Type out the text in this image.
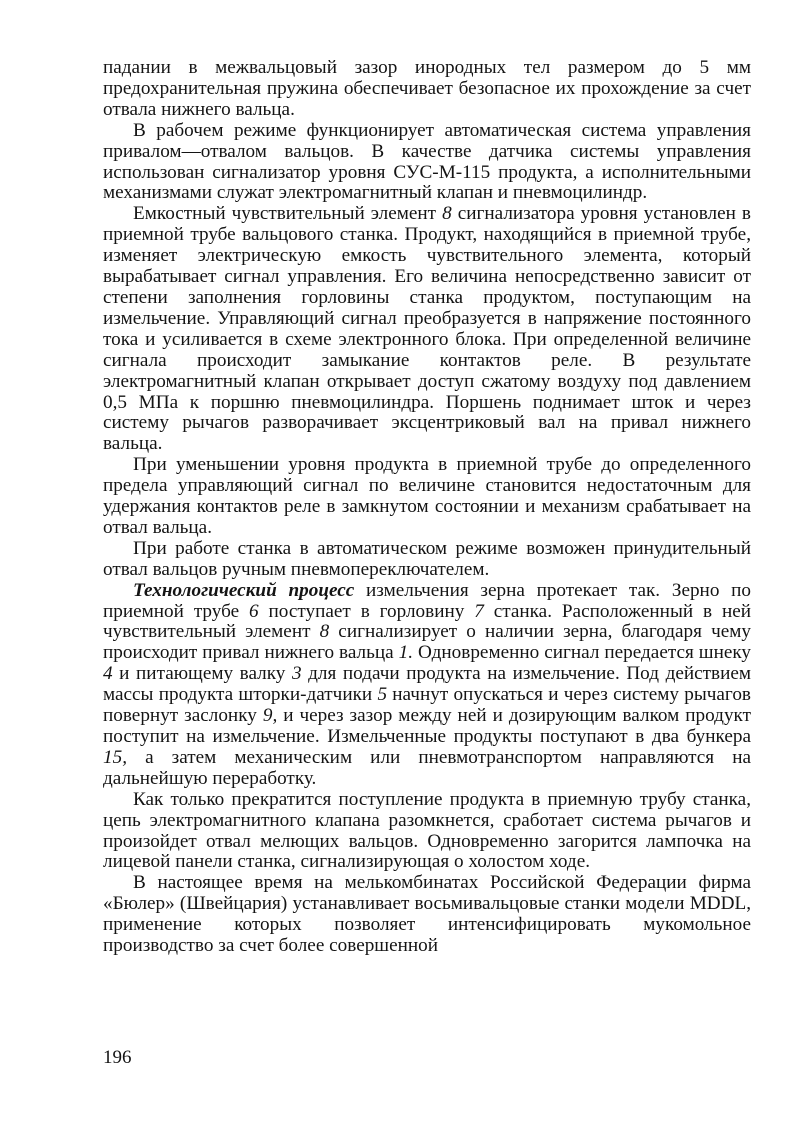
падании в межвальцовый зазор инородных тел размером до 5 мм предохранительная пружина обеспечивает безопасное их прохождение за счет отвала нижнего вальца.

В рабочем режиме функционирует автоматическая система управления привалом—отвалом вальцов. В качестве датчика системы управления использован сигнализатор уровня СУС-М-115 продукта, а исполнительными механизмами служат электромагнитный клапан и пневмоцилиндр.

Емкостный чувствительный элемент 8 сигнализатора уровня установлен в приемной трубе вальцового станка. Продукт, находящийся в приемной трубе, изменяет электрическую емкость чувствительного элемента, который вырабатывает сигнал управления. Его величина непосредственно зависит от степени заполнения горловины станка продуктом, поступающим на измельчение. Управляющий сигнал преобразуется в напряжение постоянного тока и усиливается в схеме электронного блока. При определенной величине сигнала происходит замыкание контактов реле. В результате электромагнитный клапан открывает доступ сжатому воздуху под давлением 0,5 МПа к поршню пневмоцилиндра. Поршень поднимает шток и через систему рычагов разворачивает эксцентриковый вал на привал нижнего вальца.

При уменьшении уровня продукта в приемной трубе до определенного предела управляющий сигнал по величине становится недостаточным для удержания контактов реле в замкнутом состоянии и механизм срабатывает на отвал вальца.

При работе станка в автоматическом режиме возможен принудительный отвал вальцов ручным пневмопереключателем.

Технологический процесс измельчения зерна протекает так. Зерно по приемной трубе 6 поступает в горловину 7 станка. Расположенный в ней чувствительный элемент 8 сигнализирует о наличии зерна, благодаря чему происходит привал нижнего вальца 1. Одновременно сигнал передается шнеку 4 и питающему валку 3 для подачи продукта на измельчение. Под действием массы продукта шторки-датчики 5 начнут опускаться и через систему рычагов повернут заслонку 9, и через зазор между ней и дозирующим валком продукт поступит на измельчение. Измельченные продукты поступают в два бункера 15, а затем механическим или пневмотранспортом направляются на дальнейшую переработку.

Как только прекратится поступление продукта в приемную трубу станка, цепь электромагнитного клапана разомкнется, сработает система рычагов и произойдет отвал мелющих вальцов. Одновременно загорится лампочка на лицевой панели станка, сигнализирующая о холостом ходе.

В настоящее время на мелькомбинатах Российской Федерации фирма «Бюлер» (Швейцария) устанавливает восьмивальцовые станки модели MDDL, применение которых позволяет интенсифицировать мукомольное производство за счет более совершенной

196
